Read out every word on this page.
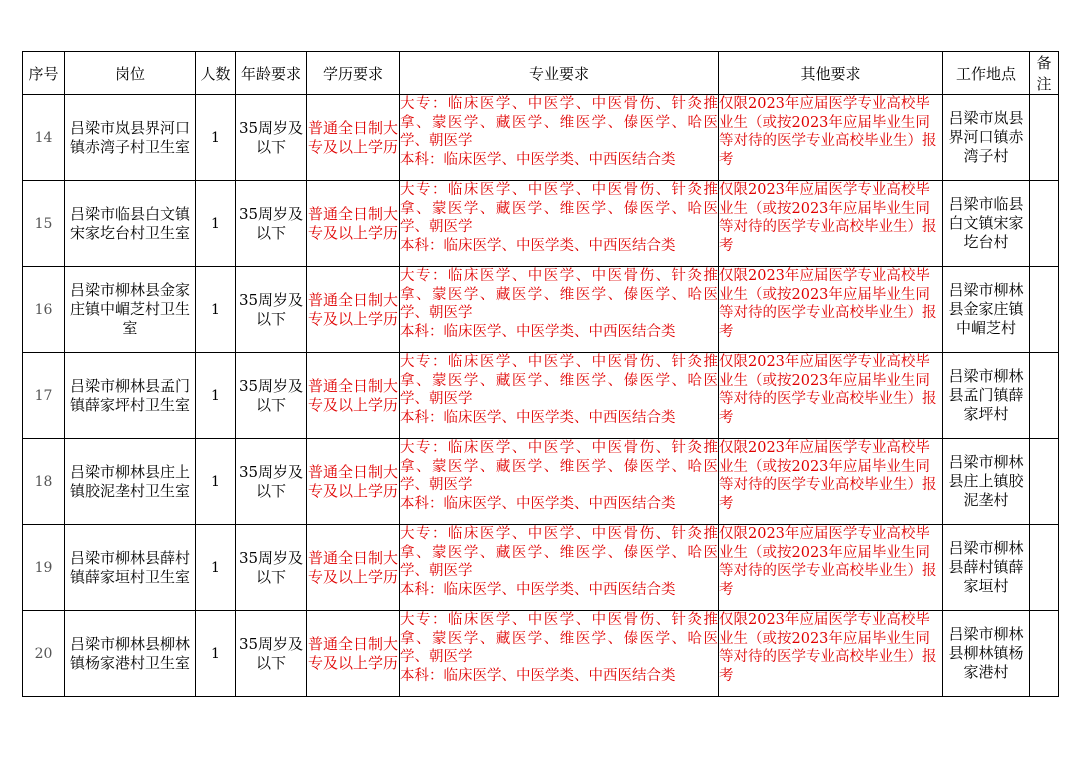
序号	岗位	人数	年龄要求	学历要求	专业要求	其他要求	工作地点	备注
14	吕梁市岚县界河口镇赤湾子村卫生室	1	35周岁及以下	普通全日制大专及以上学历	大专：临床医学、中医学、中医骨伤、针灸推拿、蒙医学、藏医学、维医学、傣医学、哈医学、朝医学
本科：临床医学、中医学类、中西医结合类	仅限2023年应届医学专业高校毕业生（或按2023年应届毕业生同等对待的医学专业高校毕业生）报考	吕梁市岚县界河口镇赤湾子村	
15	吕梁市临县白文镇宋家圪台村卫生室	1	35周岁及以下	普通全日制大专及以上学历	大专：临床医学、中医学、中医骨伤、针灸推拿、蒙医学、藏医学、维医学、傣医学、哈医学、朝医学
本科：临床医学、中医学类、中西医结合类	仅限2023年应届医学专业高校毕业生（或按2023年应届毕业生同等对待的医学专业高校毕业生）报考	吕梁市临县白文镇宋家圪台村	
16	吕梁市柳林县金家庄镇中嵋芝村卫生室	1	35周岁及以下	普通全日制大专及以上学历	大专：临床医学、中医学、中医骨伤、针灸推拿、蒙医学、藏医学、维医学、傣医学、哈医学、朝医学
本科：临床医学、中医学类、中西医结合类	仅限2023年应届医学专业高校毕业生（或按2023年应届毕业生同等对待的医学专业高校毕业生）报考	吕梁市柳林县金家庄镇中嵋芝村	
17	吕梁市柳林县孟门镇薛家坪村卫生室	1	35周岁及以下	普通全日制大专及以上学历	大专：临床医学、中医学、中医骨伤、针灸推拿、蒙医学、藏医学、维医学、傣医学、哈医学、朝医学
本科：临床医学、中医学类、中西医结合类	仅限2023年应届医学专业高校毕业生（或按2023年应届毕业生同等对待的医学专业高校毕业生）报考	吕梁市柳林县孟门镇薛家坪村	
18	吕梁市柳林县庄上镇胶泥垄村卫生室	1	35周岁及以下	普通全日制大专及以上学历	大专：临床医学、中医学、中医骨伤、针灸推拿、蒙医学、藏医学、维医学、傣医学、哈医学、朝医学
本科：临床医学、中医学类、中西医结合类	仅限2023年应届医学专业高校毕业生（或按2023年应届毕业生同等对待的医学专业高校毕业生）报考	吕梁市柳林县庄上镇胶泥垄村	
19	吕梁市柳林县薛村镇薛家垣村卫生室	1	35周岁及以下	普通全日制大专及以上学历	大专：临床医学、中医学、中医骨伤、针灸推拿、蒙医学、藏医学、维医学、傣医学、哈医学、朝医学
本科：临床医学、中医学类、中西医结合类	仅限2023年应届医学专业高校毕业生（或按2023年应届毕业生同等对待的医学专业高校毕业生）报考	吕梁市柳林县薛村镇薛家垣村	
20	吕梁市柳林县柳林镇杨家港村卫生室	1	35周岁及以下	普通全日制大专及以上学历	大专：临床医学、中医学、中医骨伤、针灸推拿、蒙医学、藏医学、维医学、傣医学、哈医学、朝医学
本科：临床医学、中医学类、中西医结合类	仅限2023年应届医学专业高校毕业生（或按2023年应届毕业生同等对待的医学专业高校毕业生）报考	吕梁市柳林县柳林镇杨家港村	
